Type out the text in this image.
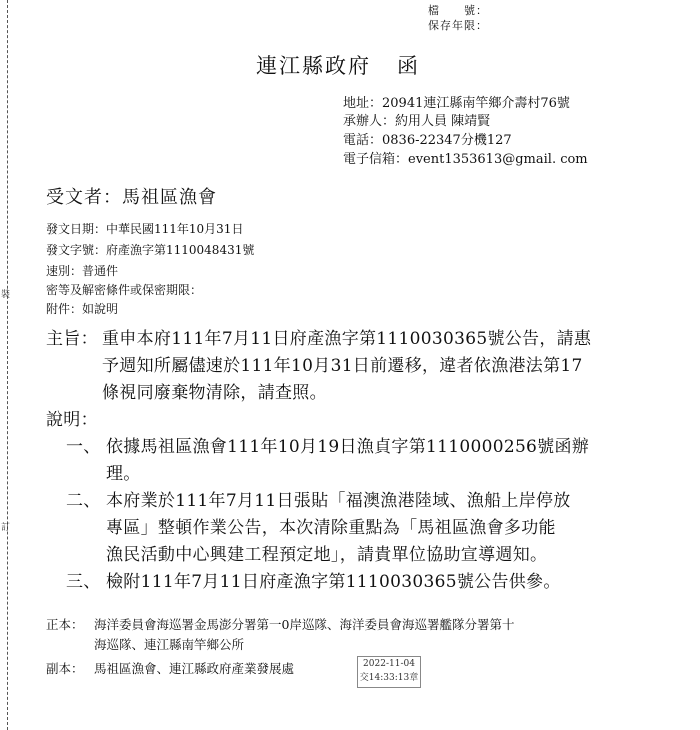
裝
訂
檔　　號：
保存年限：
連江縣政府 函
地址：20941連江縣南竿鄉介壽村76號
承辦人：約用人員 陳靖賢
電話：0836-22347分機127
電子信箱：event1353613@gmail. com
受文者：馬祖區漁會
發文日期：中華民國111年10月31日
發文字號：府產漁字第1110048431號
速別：普通件
密等及解密條件或保密期限：
附件：如說明
主旨： 重申本府111年7月11日府產漁字第1110030365號公告，請惠
予週知所屬儘速於111年10月31日前遷移，違者依漁港法第17
條視同廢棄物清除，請查照。
說明：
一、 依據馬祖區漁會111年10月19日漁貞字第1110000256號函辦
理。
二、 本府業於111年7月11日張貼「福澳漁港陸域、漁船上岸停放
專區」整頓作業公告，本次清除重點為「馬祖區漁會多功能
漁民活動中心興建工程預定地」，請貴單位協助宣導週知。
三、 檢附111年7月11日府產漁字第1110030365號公告供參。
正本： 海洋委員會海巡署金馬澎分署第一0岸巡隊、海洋委員會海巡署艦隊分署第十
海巡隊、連江縣南竿鄉公所
副本： 馬祖區漁會、連江縣政府產業發展處	2022-11-04
交14:33:13章
